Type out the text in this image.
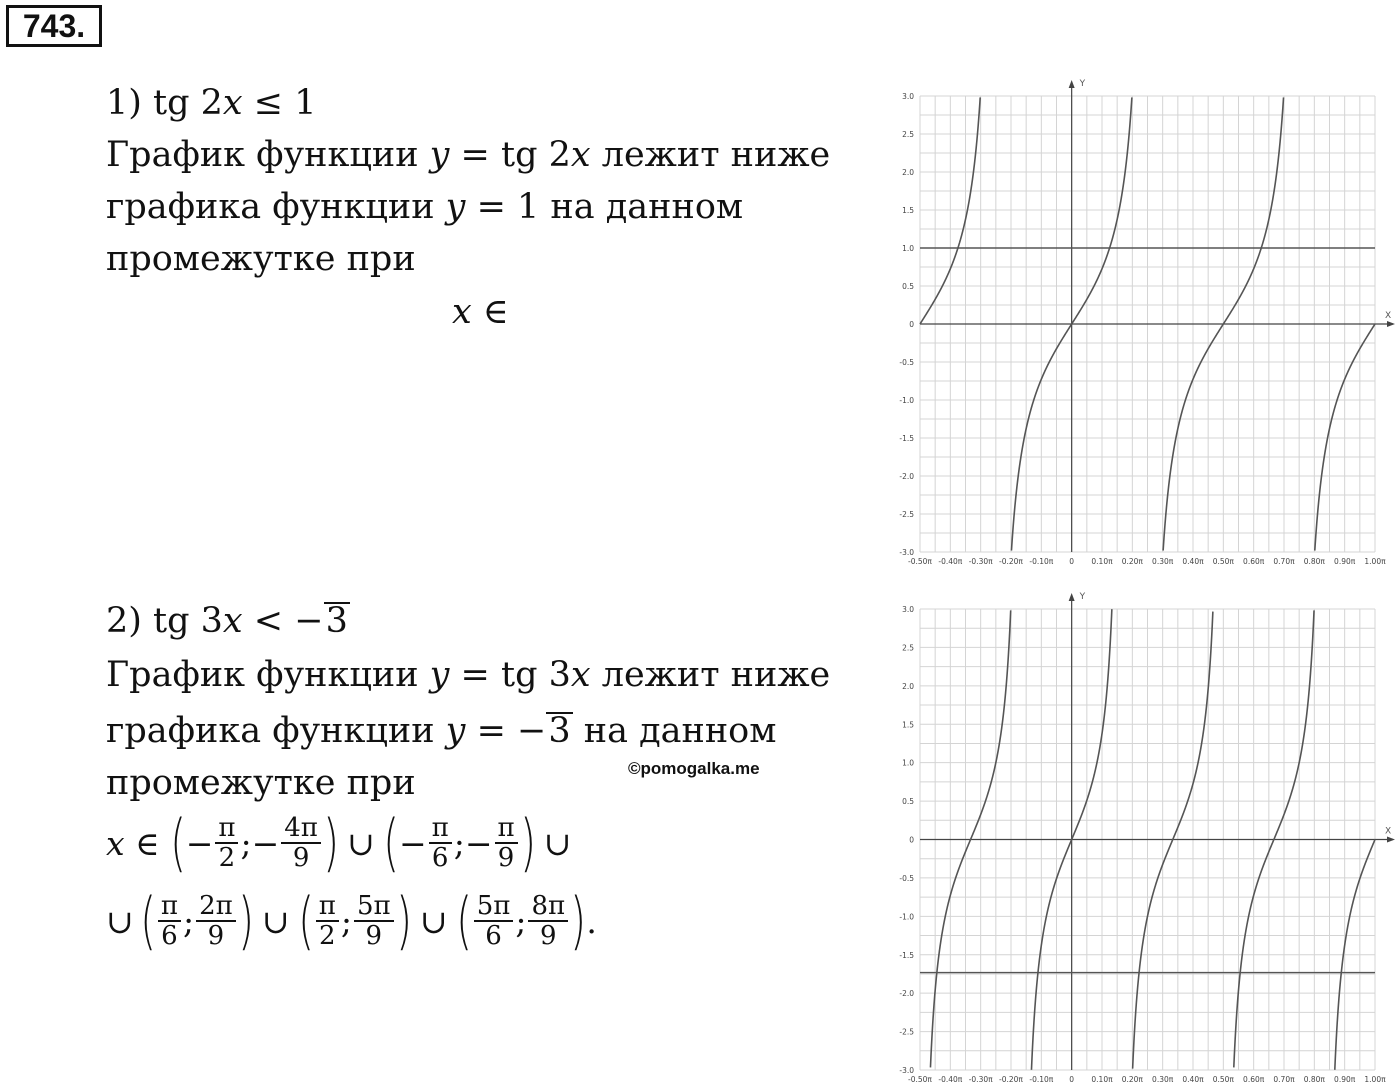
743.
1) tg 2𝑥 ≤ 1
График функции 𝑦 = tg 2𝑥 лежит ниже
графика функции 𝑦 = 1 на данном
промежутке при
𝑥 ∈
2) tg 3𝑥 < −3
График функции 𝑦 = tg 3𝑥 лежит ниже
графика функции 𝑦 = −3 на данном
промежутке при	©pomogalka.me
𝑥 ∈ ( − $\frac{\pi}{2}$ ; − $\frac{4\pi}{9}$ ) ∪ ( − $\frac{\pi}{6}$ ; − $\frac{\pi}{9}$ ) ∪
∪ ( $\frac{\pi}{6}$ ; $\frac{2\pi}{9}$ ) ∪ ( $\frac{\pi}{2}$ ; $\frac{5\pi}{9}$ ) ∪ ( $\frac{5\pi}{6}$ ; $\frac{8\pi}{9}$ ) .
X
Y
-0.50π -0.40π -0.30π -0.20π -0.10π 0 0.10π 0.20π 0.30π 0.40π 0.50π 0.60π 0.70π 0.80π 0.90π 1.00π
3.0
2.5
2.0
1.5
1.0
0.5
0
-0.5
-1.0
-1.5
-2.0
-2.5
-3.0
X
Y
-0.50π -0.40π -0.30π -0.20π -0.10π 0 0.10π 0.20π 0.30π 0.40π 0.50π 0.60π 0.70π 0.80π 0.90π 1.00π
3.0
2.5
2.0
1.5
1.0
0.5
0
-0.5
-1.0
-1.5
-2.0
-2.5
-3.0
